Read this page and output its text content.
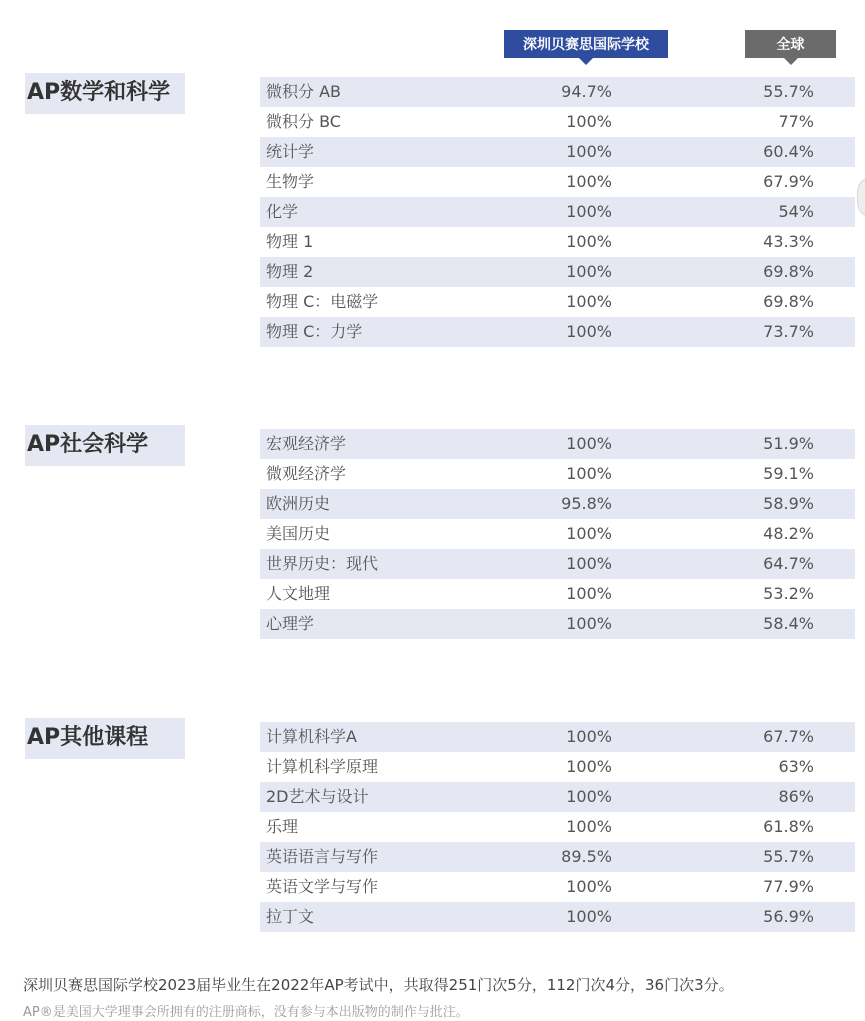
深圳贝赛思国际学校	全球
AP数学和科学	微积分 AB	94.7%	55.7%
微积分 BC	100%	77%
统计学	100%	60.4%
生物学	100%	67.9%
化学	100%	54%
物理 1	100%	43.3%
物理 2	100%	69.8%
物理 C：电磁学	100%	69.8%
物理 C：力学	100%	73.7%
AP社会科学	宏观经济学	100%	51.9%
微观经济学	100%	59.1%
欧洲历史	95.8%	58.9%
美国历史	100%	48.2%
世界历史：现代	100%	64.7%
人文地理	100%	53.2%
心理学	100%	58.4%
AP其他课程	计算机科学A	100%	67.7%
计算机科学原理	100%	63%
2D艺术与设计	100%	86%
乐理	100%	61.8%
英语语言与写作	89.5%	55.7%
英语文学与写作	100%	77.9%
拉丁文	100%	56.9%
深圳贝赛思国际学校2023届毕业生在2022年AP考试中，共取得251门次5分，112门次4分，36门次3分。
AP®是美国大学理事会所拥有的注册商标，没有参与本出版物的制作与批注。
